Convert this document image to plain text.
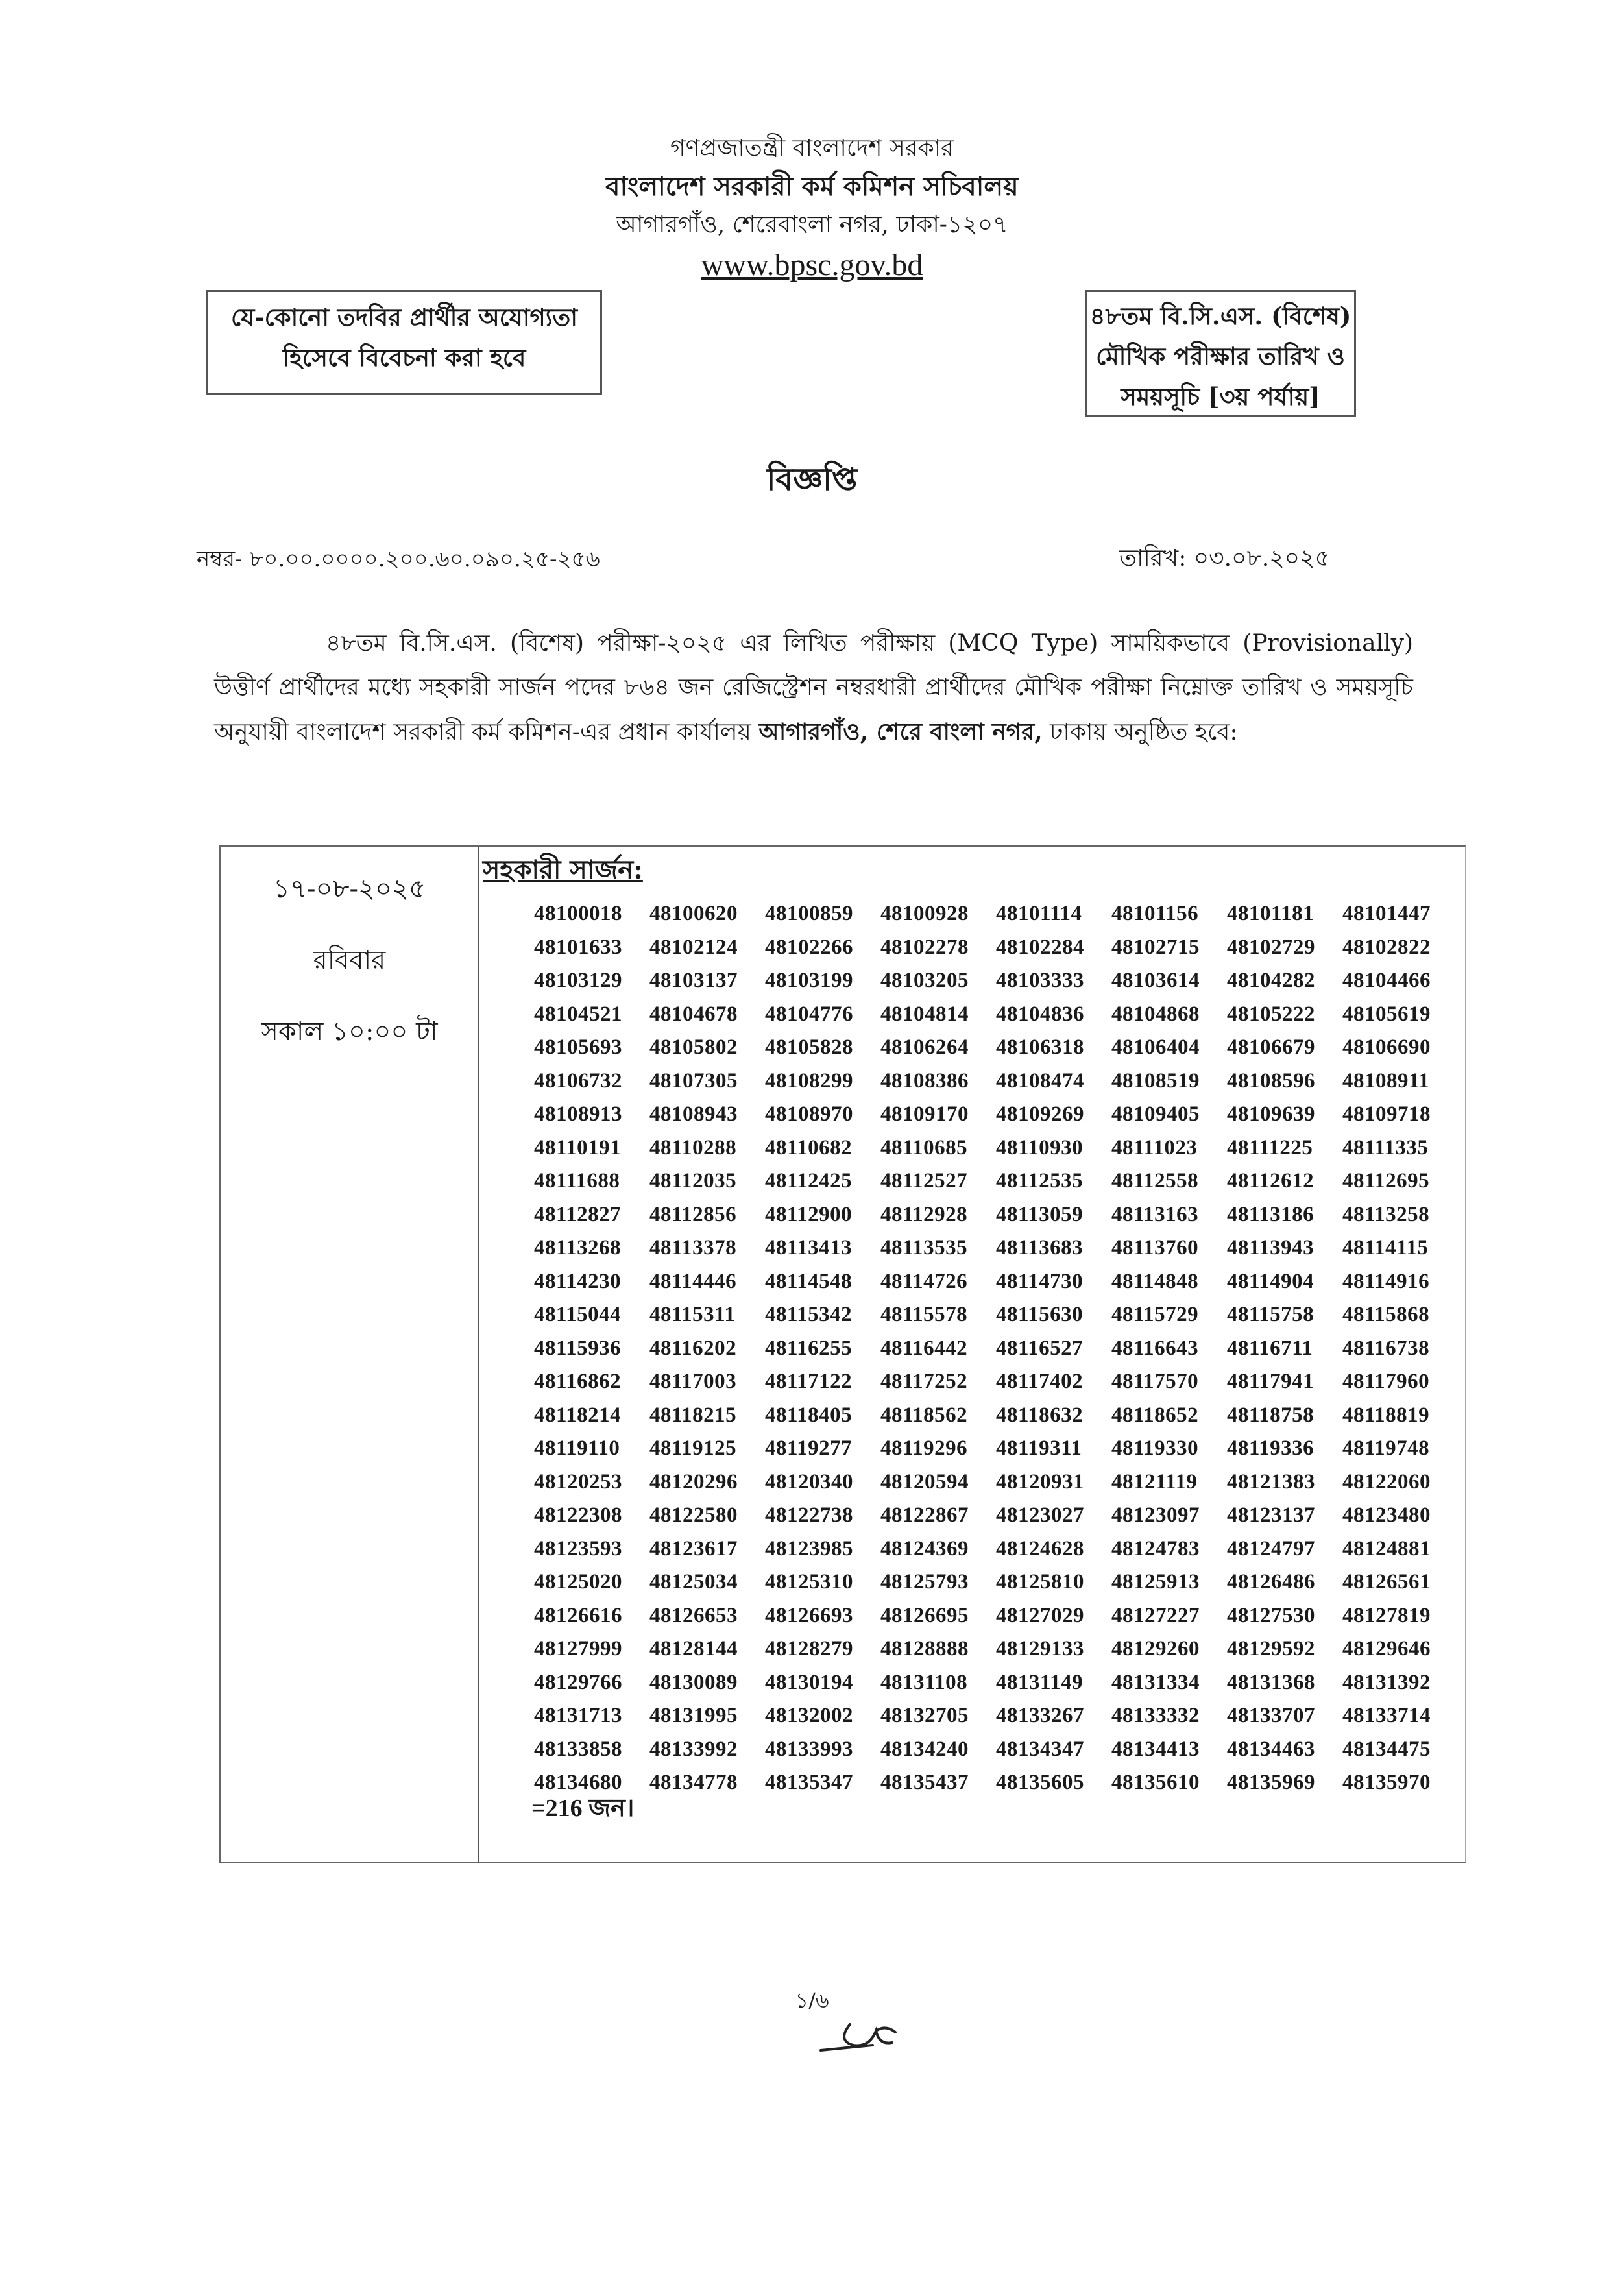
গণপ্রজাতন্ত্রী বাংলাদেশ সরকার
বাংলাদেশ সরকারী কর্ম কমিশন সচিবালয়
আগারগাঁও, শেরেবাংলা নগর, ঢাকা-১২০৭
www.bpsc.gov.bd
যে-কোনো তদবির প্রার্থীর অযোগ্যতা
হিসেবে বিবেচনা করা হবে
৪৮তম বি.সি.এস. (বিশেষ)
মৌখিক পরীক্ষার তারিখ ও
সময়সূচি [৩য় পর্যায়]
বিজ্ঞপ্তি
নম্বর- ৮০.০০.০০০০.২০০.৬০.০৯০.২৫-২৫৬	তারিখ: ০৩.০৮.২০২৫
৪৮তম বি.সি.এস. (বিশেষ) পরীক্ষা-২০২৫ এর লিখিত পরীক্ষায় (MCQ Type) সাময়িকভাবে (Provisionally) উত্তীর্ণ প্রার্থীদের মধ্যে সহকারী সার্জন পদের ৮৬৪ জন রেজিস্ট্রেশন নম্বরধারী প্রার্থীদের মৌখিক পরীক্ষা নিম্নোক্ত তারিখ ও সময়সূচি অনুযায়ী বাংলাদেশ সরকারী কর্ম কমিশন-এর প্রধান কার্যালয় আগারগাঁও, শেরে বাংলা নগর, ঢাকায় অনুষ্ঠিত হবে:
১৭-০৮-২০২৫
রবিবার
সকাল ১০:০০ টা
সহকারী সার্জন:
48100018	48100620	48100859	48100928	48101114	48101156	48101181	48101447
48101633	48102124	48102266	48102278	48102284	48102715	48102729	48102822
48103129	48103137	48103199	48103205	48103333	48103614	48104282	48104466
48104521	48104678	48104776	48104814	48104836	48104868	48105222	48105619
48105693	48105802	48105828	48106264	48106318	48106404	48106679	48106690
48106732	48107305	48108299	48108386	48108474	48108519	48108596	48108911
48108913	48108943	48108970	48109170	48109269	48109405	48109639	48109718
48110191	48110288	48110682	48110685	48110930	48111023	48111225	48111335
48111688	48112035	48112425	48112527	48112535	48112558	48112612	48112695
48112827	48112856	48112900	48112928	48113059	48113163	48113186	48113258
48113268	48113378	48113413	48113535	48113683	48113760	48113943	48114115
48114230	48114446	48114548	48114726	48114730	48114848	48114904	48114916
48115044	48115311	48115342	48115578	48115630	48115729	48115758	48115868
48115936	48116202	48116255	48116442	48116527	48116643	48116711	48116738
48116862	48117003	48117122	48117252	48117402	48117570	48117941	48117960
48118214	48118215	48118405	48118562	48118632	48118652	48118758	48118819
48119110	48119125	48119277	48119296	48119311	48119330	48119336	48119748
48120253	48120296	48120340	48120594	48120931	48121119	48121383	48122060
48122308	48122580	48122738	48122867	48123027	48123097	48123137	48123480
48123593	48123617	48123985	48124369	48124628	48124783	48124797	48124881
48125020	48125034	48125310	48125793	48125810	48125913	48126486	48126561
48126616	48126653	48126693	48126695	48127029	48127227	48127530	48127819
48127999	48128144	48128279	48128888	48129133	48129260	48129592	48129646
48129766	48130089	48130194	48131108	48131149	48131334	48131368	48131392
48131713	48131995	48132002	48132705	48133267	48133332	48133707	48133714
48133858	48133992	48133993	48134240	48134347	48134413	48134463	48134475
48134680	48134778	48135347	48135437	48135605	48135610	48135969	48135970
=216 জন।
১/৬
